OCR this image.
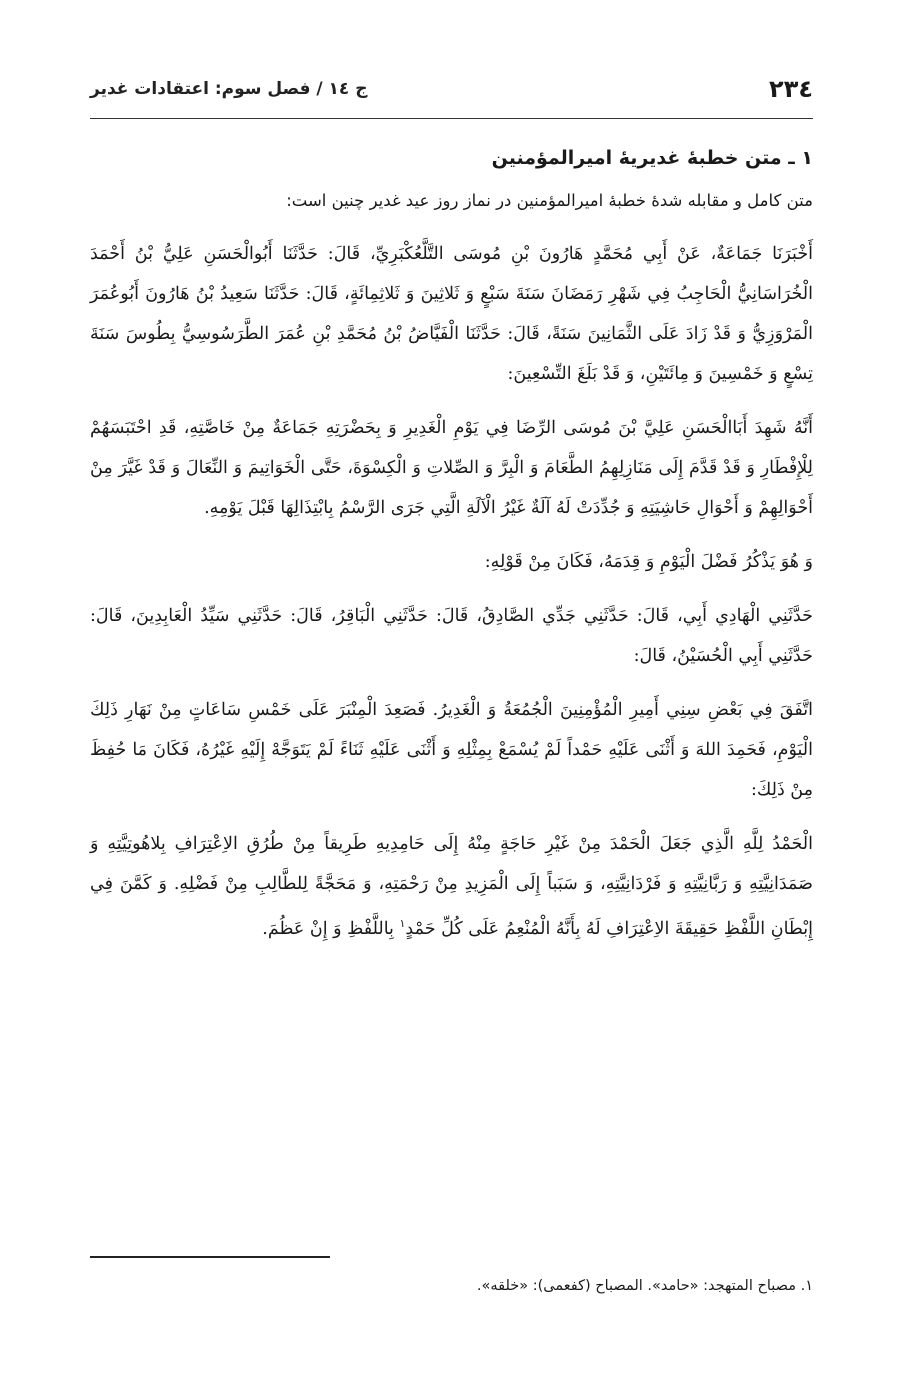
۲۳٤
ج ١٤ / فصل سوم: اعتقادات غدير
١ ـ متن خطبهٔ غديريهٔ اميرالمؤمنين

متن كامل و مقابله شدهٔ خطبهٔ اميرالمؤمنين در نماز روز عيد غدير چنين است:

أَخْبَرَنَا جَمَاعَةٌ، عَنْ أَبِي مُحَمَّدٍ هَارُونَ بْنِ مُوسَى التَّلَّعُكْبَرِيِّ، قَالَ: حَدَّثَنَا أَبُوالْحَسَنِ عَلِيُّ بْنُ أَحْمَدَ الْخُرَاسَانِيُّ الْحَاجِبُ فِي شَهْرِ رَمَضَانَ سَنَةَ سَبْعٍ وَ ثَلاثِينَ وَ ثَلاثِمِائَةٍ، قَالَ: حَدَّثَنَا سَعِيدُ بْنُ هَارُونَ أَبُوعُمَرَ الْمَرْوَزِيُّ وَ قَدْ زَادَ عَلَى الثَّمَانِينَ سَنَةً، قَالَ: حَدَّثَنَا الْفَيَّاضُ بْنُ مُحَمَّدِ بْنِ عُمَرَ الطَّرَسُوسِيُّ بِطُوسَ سَنَةَ تِسْعٍ وَ خَمْسِينَ وَ مِائَتَيْنِ، وَ قَدْ بَلَغَ التِّسْعِينَ:

أَنَّهُ شَهِدَ أَبَاالْحَسَنِ عَلِيَّ بْنَ مُوسَى الرِّضَا فِي يَوْمِ الْغَدِيرِ وَ بِحَضْرَتِهِ جَمَاعَةٌ مِنْ خَاصَّتِهِ، قَدِ احْتَبَسَهُمْ لِلْإِفْطَارِ وَ قَدْ قَدَّمَ إِلَى مَنَازِلِهِمُ الطَّعَامَ وَ الْبِرَّ وَ الصِّلاتِ وَ الْكِسْوَةَ، حَتَّى الْخَوَاتِيمَ وَ النِّعَالَ وَ قَدْ غَيَّرَ مِنْ أَحْوَالِهِمْ وَ أَحْوَالِ حَاشِيَتِهِ وَ جُدِّدَتْ لَهُ آلَةٌ غَيْرُ الْآلَةِ الَّتِي جَرَى الرَّسْمُ بِابْتِذَالِهَا قَبْلَ يَوْمِهِ.

وَ هُوَ يَذْكُرُ فَضْلَ الْيَوْمِ وَ قِدَمَهُ، فَكَانَ مِنْ قَوْلِهِ:

حَدَّثَنِي الْهَادِي أَبِي، قَالَ: حَدَّثَنِي جَدِّي الصَّادِقُ، قَالَ: حَدَّثَنِي الْبَاقِرُ، قَالَ: حَدَّثَنِي سَيِّدُ الْعَابِدِينَ، قَالَ: حَدَّثَنِي أَبِي الْحُسَيْنُ، قَالَ:

اتَّفَقَ فِي بَعْضِ سِنِي أَمِيرِ الْمُؤْمِنِينَ الْجُمُعَةُ وَ الْغَدِيرُ. فَصَعِدَ الْمِنْبَرَ عَلَى خَمْسِ سَاعَاتٍ مِنْ نَهَارِ ذَلِكَ الْيَوْمِ، فَحَمِدَ اللهَ وَ أَثْنَى عَلَيْهِ حَمْداً لَمْ يُسْمَعْ بِمِثْلِهِ وَ أَثْنَى عَلَيْهِ ثَنَاءً لَمْ يَتَوَجَّهْ إِلَيْهِ غَيْرُهُ، فَكَانَ مَا حُفِظَ مِنْ ذَلِكَ:

الْحَمْدُ لِلَّهِ الَّذِي جَعَلَ الْحَمْدَ مِنْ غَيْرِ حَاجَةٍ مِنْهُ إِلَى حَامِدِيهِ طَرِيقاً مِنْ طُرُقِ الاِعْتِرَافِ بِلاهُوتِيَّتِهِ وَ صَمَدَانِيَّتِهِ وَ رَبَّانِيَّتِهِ وَ فَرْدَانِيَّتِهِ، وَ سَبَباً إِلَى الْمَزِيدِ مِنْ رَحْمَتِهِ، وَ مَحَجَّةً لِلطَّالِبِ مِنْ فَضْلِهِ. وَ كَمَّنَ فِي إِبْطَانِ اللَّفْظِ حَقِيقَةَ الاِعْتِرَافِ لَهُ بِأَنَّهُ الْمُنْعِمُ عَلَى كُلِّ حَمْدٍ$^١$ بِاللَّفْظِ وَ إِنْ عَظُمَ.

١. مصباح المتهجد: «حامد». المصباح (كفعمى): «خلقه».
